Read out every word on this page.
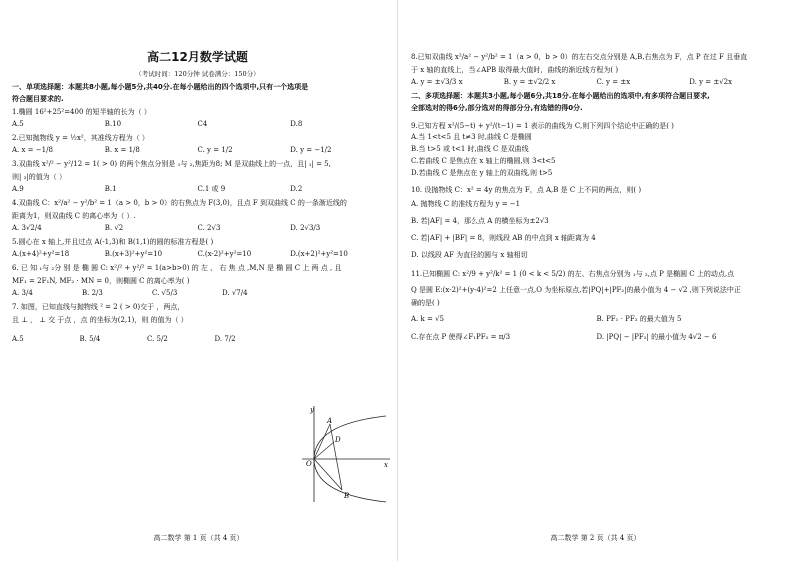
高二12月数学试题
（考试时间：120分钟 试卷满分：150分）
一、单项选择题：本题共8小题,每小题5分,共40分.在每小题给出的四个选项中,只有一个选项是
符合题目要求的.
1.椭圆 16²+25²=400 的短半轴的长为（ ）
A.5	B.10	C4	D.8
2.已知抛物线 y = ½x²，其准线方程为（ ）
A. x = −1/8	B. x = 1/8	C. y = 1/2	D. y = −1/2
3.双曲线 x²/² − y²/12 = 1( > 0) 的两个焦点分别是 ₁与 ₂,焦距为8; M 是双曲线上的一点，且| ₁| = 5,
则| ₂|的值为（ ）
A.9	B.1	C.1 或 9	D.2
4.双曲线 C：x²/a² − y²/b² = 1（a > 0，b > 0）的右焦点为 F(3,0)，且点 F 到双曲线 C 的一条渐近线的
距离为1，则双曲线 C 的离心率为（ ）.
A. 3√2/4	B. √2	C. 2√3	D. 2√3/3
5.圆心在 x 轴上,并且过点 A(-1,3)和 B(1,1)的圆的标准方程是( )
A.(x+4)²+y²=18	B.(x+3)²+y²=10	C.(x-2)²+y²=10	D.(x+2)²+y²=10
6. 已 知 ₁与 ₂分 别 是 椭 圆 C: x²/² + y²/² = 1(a>b>0) 的 左 、 右 焦 点 ,M,N 是 椭 圆 C 上 两 点 , 且
MF₁ = 2F₁N, MF₂ · MN = 0，则椭圆 C 的离心率为( )
A. 3/4	B. 2/3	C. √5/3	D. √7/4
7. 如图，已知直线与抛物线 ² = 2 ( > 0)交于 ，两点，
且 ⊥ ， ⊥ 交 于点 ，点 的坐标为(2,1)，则 的值为（ ）
A.5	B. 5/4	C. 5/2	D. 7/2
高二数学 第 1 页（共 4 页）
y
A
D
O	x
B
8.已知双曲线 x²/a² − y²/b² = 1（a > 0，b > 0）的左右交点分别是 A,B,右焦点为 F，点 P 在过 F 且垂直
于 x 轴的直线上，当∠APB 取得最大值时，曲线的渐近线方程为( )
A. y = ±√3/3 x	B. y = ±√2/2 x	C. y = ±x	D. y = ±√2x
二、多项选择题：本题共3小题,每小题6分,共18分.在每小题给出的选项中,有多项符合题目要求,
全部选对的得6分,部分选对的得部分分,有选错的得0分.
9.已知方程 x²/(5−t) + y²/(t−1) = 1 表示的曲线为 C,则下列四个结论中正确的是( )
A.当 1<t<5 且 t≠3 时,曲线 C 是椭圆
B.当 t>5 或 t<1 时,曲线 C 是双曲线
C.若曲线 C 是焦点在 x 轴上的椭圆,则 3<t<5
D.若曲线 C 是焦点在 y 轴上的双曲线,则 t>5
10. 设抛物线 C：x² = 4y 的焦点为 F，点 A,B 是 C 上不同的两点，则( )
A. 抛物线 C 的准线方程为 y = −1
B. 若|AF| = 4，那么点 A 的横坐标为±2√3
C. 若|AF| + |BF| = 8，则线段 AB 的中点到 x 轴距离为 4
D. 以线段 AF 为直径的圆与 x 轴相切
11.已知椭圆 C: x²/9 + y²/k² = 1 (0 < k < 5/2) 的左、右焦点分别为 ₁与 ₂,点 P 是椭圆 C 上的动点,点
Q 是圆 E:(x-2)²+(y-4)²=2 上任意一点,O 为坐标原点,若|PQ|+|PF₂|的最小值为 4 − √2 ,则下列说法中正
确的是( )
A. k = √5	B. PF₁ · PF₂ 的最大值为 5
C.存在点 P 使得∠F₁PF₂ = π/3	D. |PQ| − |PF₂| 的最小值为 4√2 − 6
高二数学 第 2 页（共 4 页）
